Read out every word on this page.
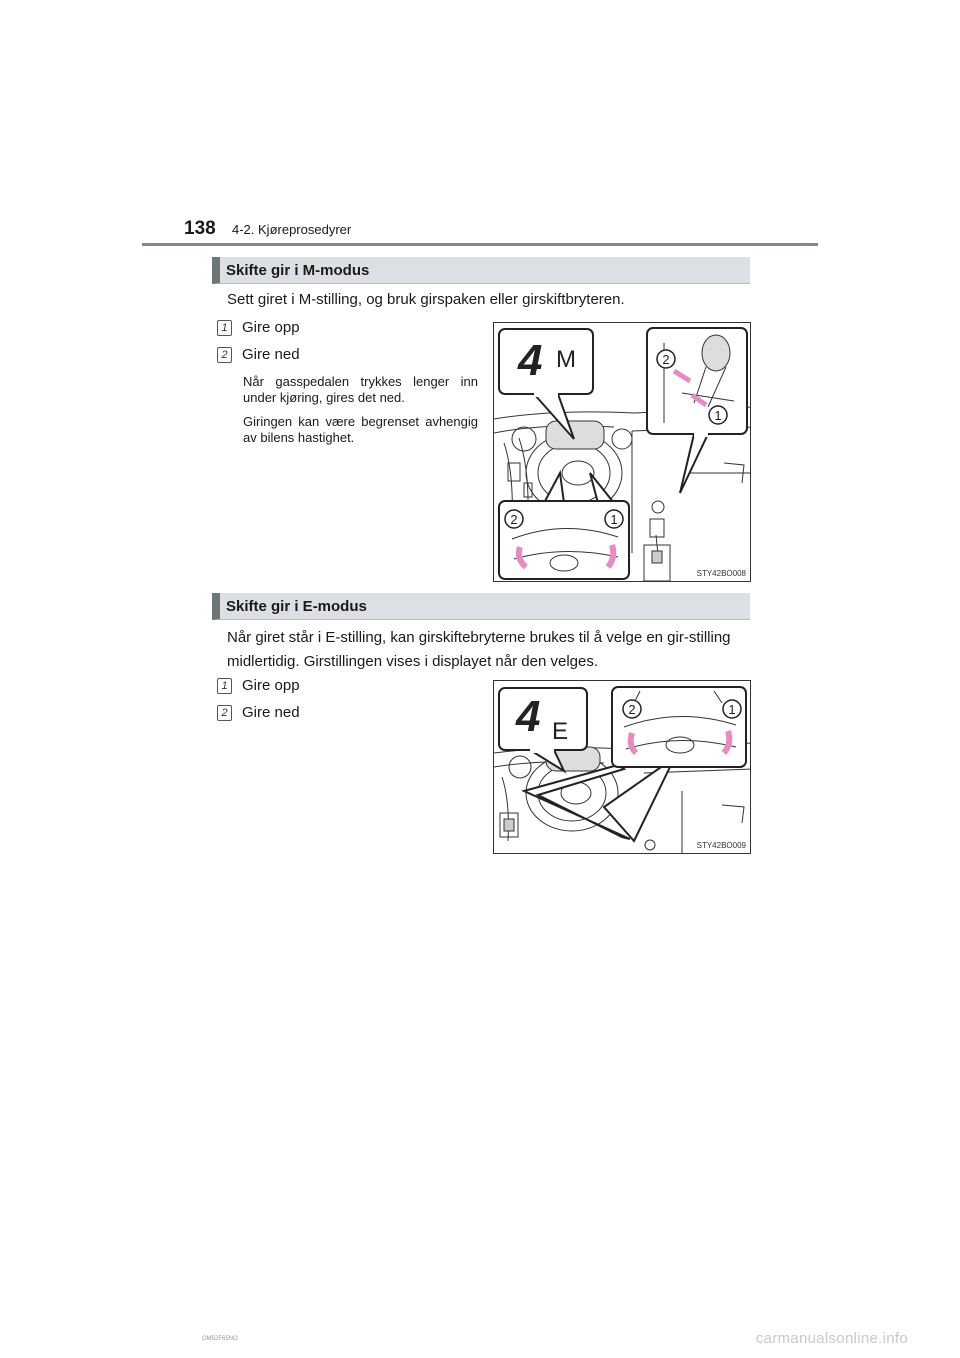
138 4-2. Kjøreprosedyrer
Skifte gir i M-modus
Sett giret i M-stilling, og bruk girspaken eller girskiftbryteren.
1 Gire opp
2 Gire ned
Når gasspedalen trykkes lenger inn under kjøring, gires det ned.
Giringen kan være begrenset avhengig av bilens hastighet.
4 M	2
1
2	1
STY42BO008
Skifte gir i E-modus
Når giret står i E-stilling, kan girskiftebryterne brukes til å velge en gir-stilling midlertidig. Girstillingen vises i displayet når den velges.
1 Gire opp
2 Gire ned	4 E
2	1
STY42BO009
OM52F65NO	carmanualsonline.info
